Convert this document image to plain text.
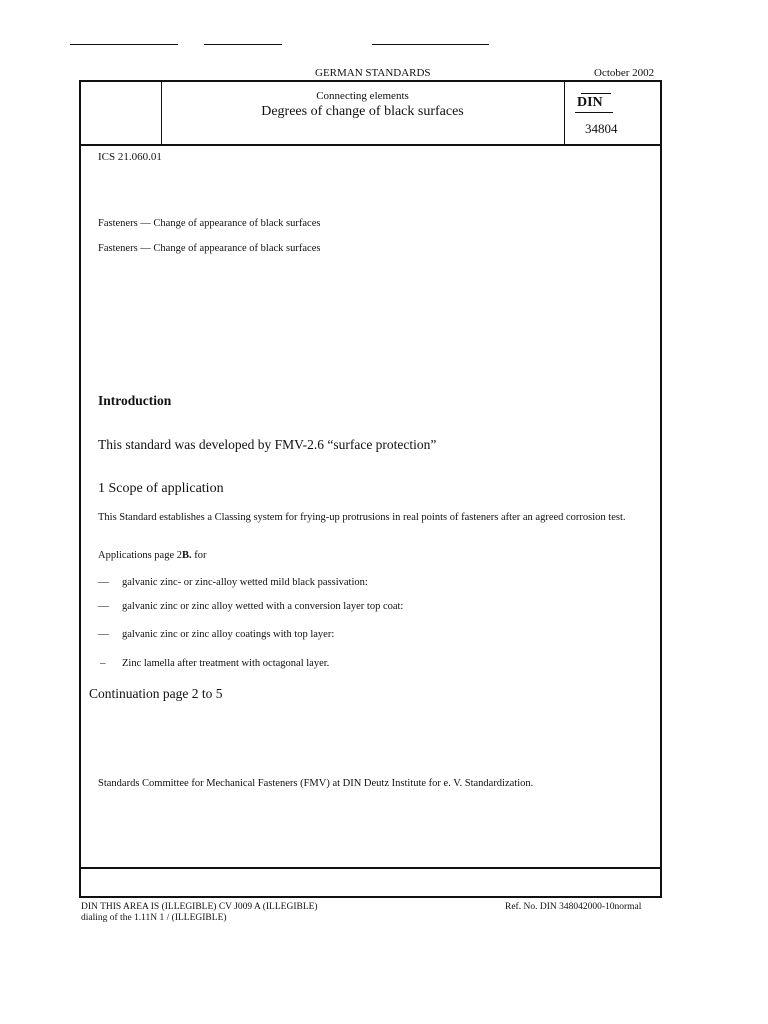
GERMAN STANDARDS	October 2002
Connecting elements
Degrees of change of black surfaces
DIN
34804
ICS 21.060.01
Fasteners — Change of appearance of black surfaces
Fasteners — Change of appearance of black surfaces
Introduction
This standard was developed by FMV-2.6 “surface protection”
1 Scope of application
This Standard establishes a Classing system for frying-up protrusions in real points of fasteners after an agreed corrosion test.
Applications page 2B. for
— galvanic zinc- or zinc-alloy wetted mild black passivation:
— galvanic zinc or zinc alloy wetted with a conversion layer top coat:
— galvanic zinc or zinc alloy coatings with top layer:
– Zinc lamella after treatment with octagonal layer.
Continuation page 2 to 5
Standards Committee for Mechanical Fasteners (FMV) at DIN Deutz Institute for e. V. Standardization.
DIN THIS AREA IS (ILLEGIBLE) CV J009 A (ILLEGIBLE)
dialing of the 1.11N 1 / (ILLEGIBLE)
Ref. No. DIN 348042000-10normal
